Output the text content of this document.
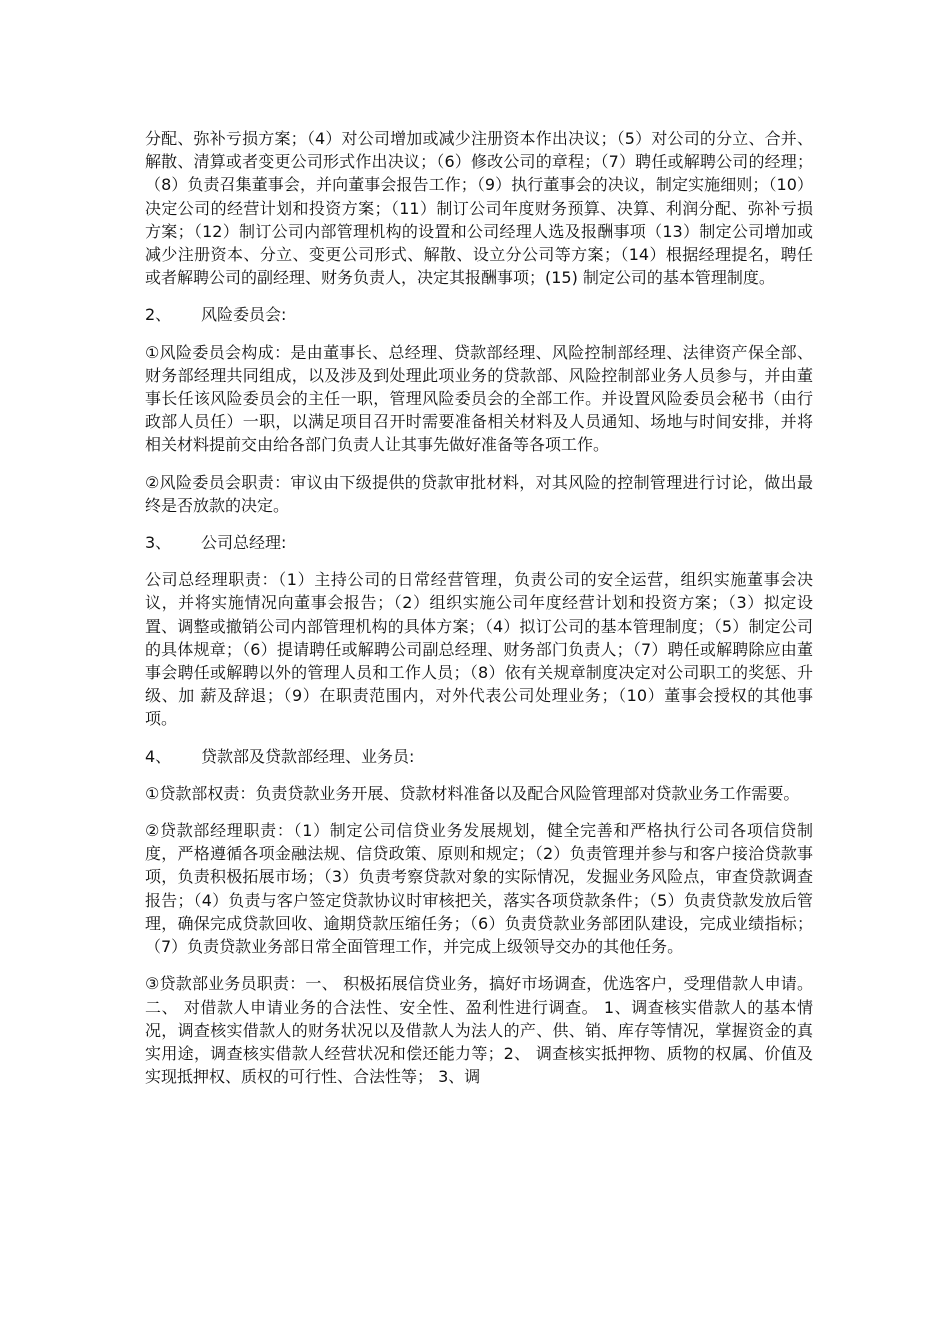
分配、弥补亏损方案；（4）对公司增加或减少注册资本作出决议；（5）对公司的分立、合并、解散、清算或者变更公司形式作出决议；（6）修改公司的章程；（7）聘任或解聘公司的经理；（8）负责召集董事会，并向董事会报告工作；（9）执行董事会的决议，制定实施细则；（10）决定公司的经营计划和投资方案；（11）制订公司年度财务预算、决算、利润分配、弥补亏损方案；（12）制订公司内部管理机构的设置和公司经理人选及报酬事项（13）制定公司增加或减少注册资本、分立、变更公司形式、解散、设立分公司等方案；（14）根据经理提名，聘任或者解聘公司的副经理、财务负责人，决定其报酬事项；(15) 制定公司的基本管理制度。

2、 风险委员会:

①风险委员会构成：是由董事长、总经理、贷款部经理、风险控制部经理、法律资产保全部、财务部经理共同组成，以及涉及到处理此项业务的贷款部、风险控制部业务人员参与，并由董事长任该风险委员会的主任一职，管理风险委员会的全部工作。并设置风险委员会秘书（由行政部人员任）一职，以满足项目召开时需要准备相关材料及人员通知、场地与时间安排，并将相关材料提前交由给各部门负责人让其事先做好准备等各项工作。

②风险委员会职责：审议由下级提供的贷款审批材料，对其风险的控制管理进行讨论，做出最终是否放款的决定。

3、 公司总经理:

公司总经理职责：（1）主持公司的日常经营管理，负责公司的安全运营，组织实施董事会决议，并将实施情况向董事会报告；（2）组织实施公司年度经营计划和投资方案；（3）拟定设置、调整或撤销公司内部管理机构的具体方案；（4）拟订公司的基本管理制度；（5）制定公司的具体规章；（6）提请聘任或解聘公司副总经理、财务部门负责人；（7）聘任或解聘除应由董事会聘任或解聘以外的管理人员和工作人员；（8）依有关规章制度决定对公司职工的奖惩、升级、加 薪及辞退；（9）在职责范围内，对外代表公司处理业务；（10）董事会授权的其他事项。

4、 贷款部及贷款部经理、业务员:

①贷款部权责：负责贷款业务开展、贷款材料准备以及配合风险管理部对贷款业务工作需要。

②贷款部经理职责：（1）制定公司信贷业务发展规划，健全完善和严格执行公司各项信贷制度，严格遵循各项金融法规、信贷政策、原则和规定；（2）负责管理并参与和客户接洽贷款事项，负责积极拓展市场；（3）负责考察贷款对象的实际情况，发掘业务风险点，审查贷款调查报告；（4）负责与客户签定贷款协议时审核把关，落实各项贷款条件；（5）负责贷款发放后管理，确保完成贷款回收、逾期贷款压缩任务；（6）负责贷款业务部团队建设，完成业绩指标；（7）负责贷款业务部日常全面管理工作，并完成上级领导交办的其他任务。

③贷款部业务员职责：一、 积极拓展信贷业务，搞好市场调查，优选客户，受理借款人申请。 二、 对借款人申请业务的合法性、安全性、盈利性进行调查。 1、调查核实借款人的基本情况，调查核实借款人的财务状况以及借款人为法人的产、供、销、库存等情况，掌握资金的真实用途，调查核实借款人经营状况和偿还能力等；2、 调查核实抵押物、质物的权属、价值及实现抵押权、质权的可行性、合法性等； 3、调
